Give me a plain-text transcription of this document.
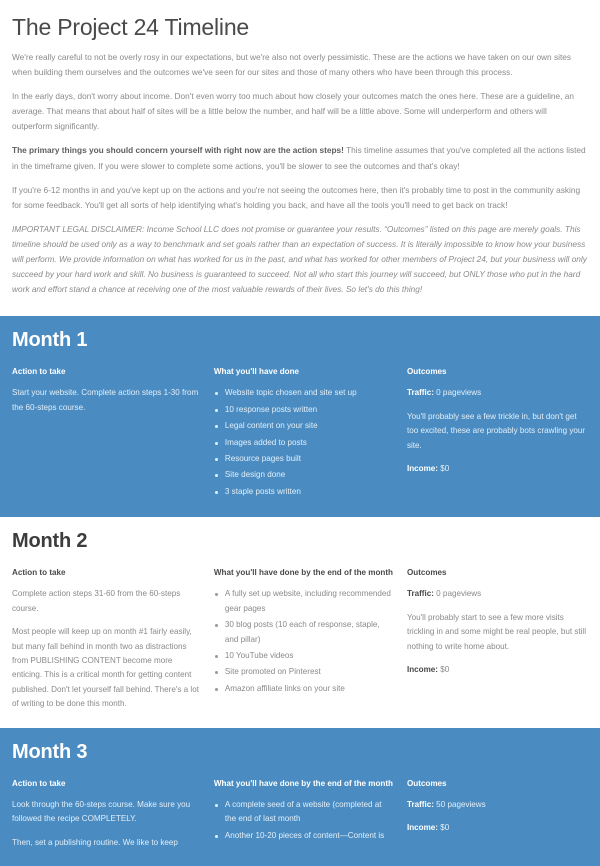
The Project 24 Timeline

We're really careful to not be overly rosy in our expectations, but we're also not overly pessimistic. These are the actions we have taken on our own sites when building them ourselves and the outcomes we've seen for our sites and those of many others who have been through this process.

In the early days, don't worry about income. Don't even worry too much about how closely your outcomes match the ones here. These are a guideline, an average. That means that about half of sites will be a little below the number, and half will be a little above. Some will underperform and others will outperform significantly.

The primary things you should concern yourself with right now are the action steps! This timeline assumes that you've completed all the actions listed in the timeframe given. If you were slower to complete some actions, you'll be slower to see the outcomes and that's okay!

If you're 6-12 months in and you've kept up on the actions and you're not seeing the outcomes here, then it's probably time to post in the community asking for some feedback. You'll get all sorts of help identifying what's holding you back, and have all the tools you'll need to get back on track!

IMPORTANT LEGAL DISCLAIMER: Income School LLC does not promise or guarantee your results. “Outcomes” listed on this page are merely goals. This timeline should be used only as a way to benchmark and set goals rather than an expectation of success. It is literally impossible to know how your business will perform. We provide information on what has worked for us in the past, and what has worked for other members of Project 24, but your business will only succeed by your hard work and skill. No business is guaranteed to succeed. Not all who start this journey will succeed, but ONLY those who put in the hard work and effort stand a chance at receiving one of the most valuable rewards of their lives. So let's do this thing!

Month 1
Action to take

Start your website. Complete action steps 1-30 from the 60-steps course.

What you'll have done
Website topic chosen and site set up
10 response posts written
Legal content on your site
Images added to posts
Resource pages built
Site design done
3 staple posts written
Outcomes

Traffic: 0 pageviews

You'll probably see a few trickle in, but don't get too excited, these are probably bots crawling your site.

Income: $0

Month 2
Action to take

Complete action steps 31-60 from the 60-steps course.

Most people will keep up on month #1 fairly easily, but many fall behind in month two as distractions from PUBLISHING CONTENT become more enticing. This is a critical month for getting content published. Don't let yourself fall behind. There's a lot of writing to be done this month.

What you'll have done by the end of the month
A fully set up website, including recommended gear pages
30 blog posts (10 each of response, staple, and pillar)
10 YouTube videos
Site promoted on Pinterest
Amazon affiliate links on your site
Outcomes

Traffic: 0 pageviews

You'll probably start to see a few more visits trickling in and some might be real people, but still nothing to write home about.

Income: $0

Month 3
Action to take

Look through the 60-steps course. Make sure you followed the recipe COMPLETELY.

Then, set a publishing routine. We like to keep

What you'll have done by the end of the month
A complete seed of a website (completed at the end of last month
Another 10-20 pieces of content—Content is
Outcomes

Traffic: 50 pageviews

Income: $0
